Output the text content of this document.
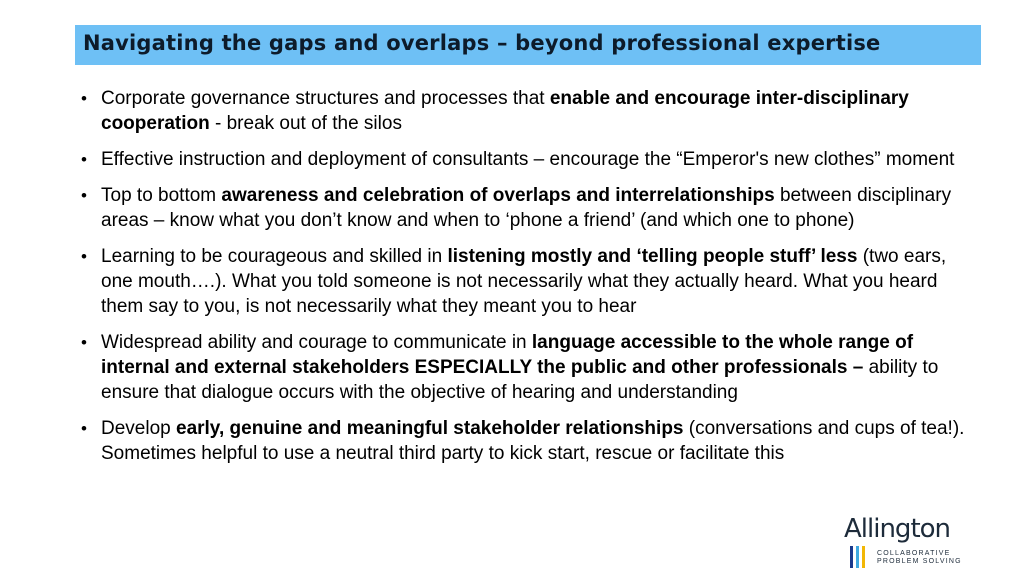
Navigating the gaps and overlaps – beyond professional expertise
• Corporate governance structures and processes that enable and encourage inter-disciplinary cooperation - break out of the silos
• Effective instruction and deployment of consultants – encourage the “Emperor's new clothes” moment
• Top to bottom awareness and celebration of overlaps and interrelationships between disciplinary areas – know what you don’t know and when to ‘phone a friend’ (and which one to phone)
• Learning to be courageous and skilled in listening mostly and ‘telling people stuff’ less (two ears, one mouth….). What you told someone is not necessarily what they actually heard. What you heard them say to you, is not necessarily what they meant you to hear
• Widespread ability and courage to communicate in language accessible to the whole range of internal and external stakeholders ESPECIALLY the public and other professionals – ability to ensure that dialogue occurs with the objective of hearing and understanding
• Develop early, genuine and meaningful stakeholder relationships (conversations and cups of tea!). Sometimes helpful to use a neutral third party to kick start, rescue or facilitate this
Allington
COLLABORATIVE
PROBLEM SOLVING
